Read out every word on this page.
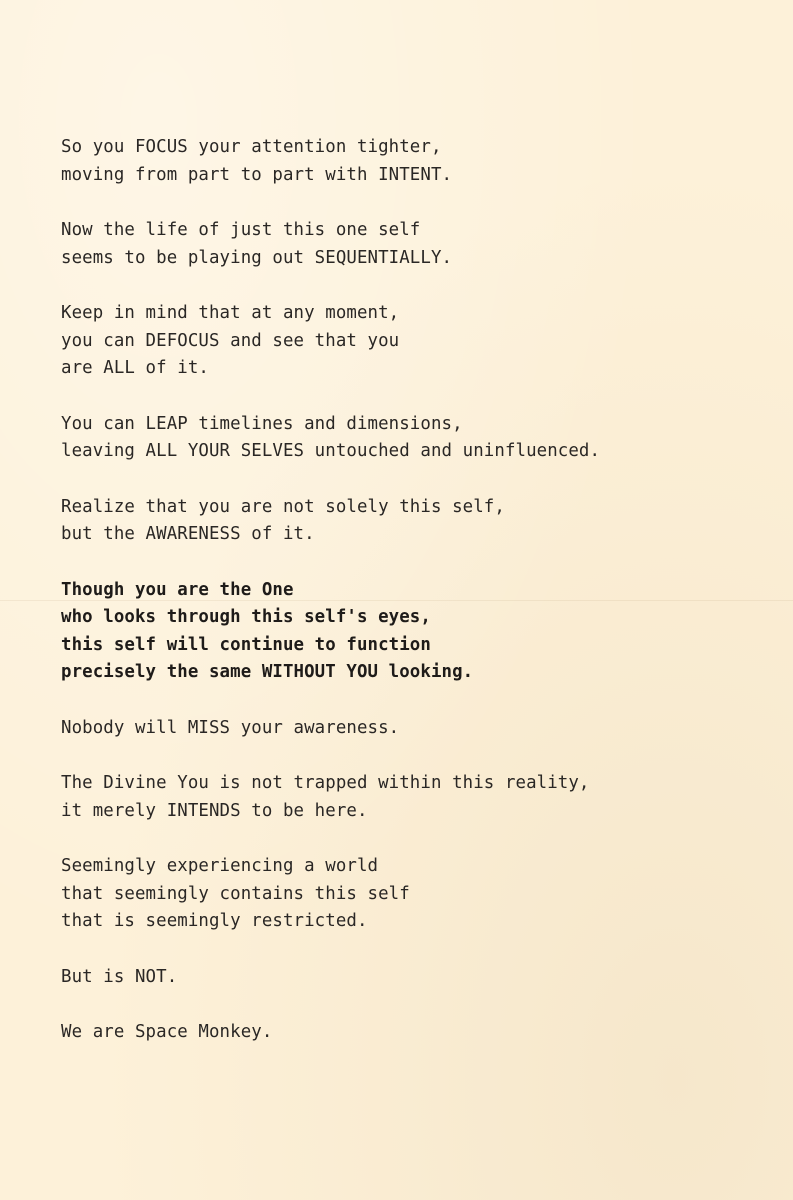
So you FOCUS your attention tighter,
moving from part to part with INTENT.
Now the life of just this one self
seems to be playing out SEQUENTIALLY.
Keep in mind that at any moment,
you can DEFOCUS and see that you
are ALL of it.
You can LEAP timelines and dimensions,
leaving ALL YOUR SELVES untouched and uninfluenced.
Realize that you are not solely this self,
but the AWARENESS of it.
Though you are the One
who looks through this self's eyes,
this self will continue to function
precisely the same WITHOUT YOU looking.
Nobody will MISS your awareness.
The Divine You is not trapped within this reality,
it merely INTENDS to be here.
Seemingly experiencing a world
that seemingly contains this self
that is seemingly restricted.
But is NOT.
We are Space Monkey.
